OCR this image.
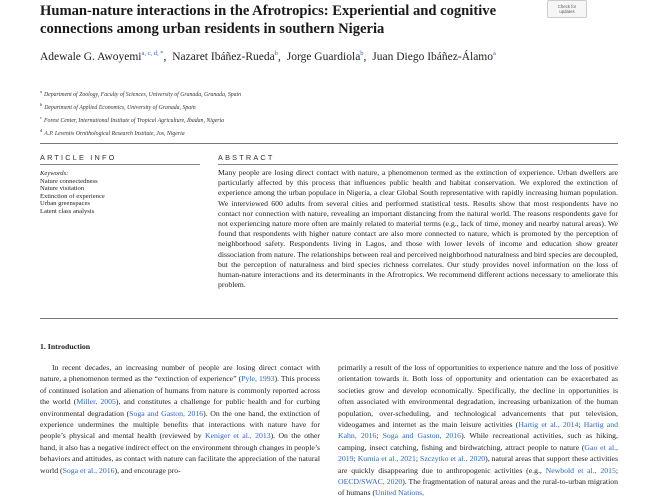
Human-nature interactions in the Afrotropics: Experiential and cognitive connections among urban residents in southern Nigeria
Check for
updates
Adewale G. Awoyemi$^{a, c, d, *}$, Nazaret Ibáñez-Rueda$^b$, Jorge Guardiola$^b$, Juan Diego Ibáñez-Álamo$^a$
$^a$Department of Zoology, Faculty of Sciences, University of Granada, Granada, Spain
$^b$Department of Applied Economics, University of Granada, Spain
$^c$Forest Center, International Institute of Tropical Agriculture, Ibadan, Nigeria
$^d$A.P. Leventis Ornithological Research Institute, Jos, Nigeria
ARTICLE INFO	ABSTRACT
Keywords:
Nature connectedness
Nature visitation
Extinction of experience
Urban greenspaces
Latent class analysis
Many people are losing direct contact with nature, a phenomenon termed as the extinction of experience. Urban dwellers are particularly affected by this process that influences public health and habitat conservation. We explored the extinction of experience among the urban populace in Nigeria, a clear Global South representative with rapidly increasing human population. We interviewed 600 adults from several cities and performed statistical tests. Results show that most respondents have no contact nor connection with nature, revealing an important distancing from the natural world. The reasons respondents gave for not experiencing nature more often are mainly related to material terms (e.g., lack of time, money and nearby natural areas). We found that respondents with higher nature contact are also more connected to nature, which is promoted by the perception of neighborhood safety. Respondents living in Lagos, and those with lower levels of income and education show greater dissociation from nature. The relationships between real and perceived neighborhood naturalness and bird species are decoupled, but the perception of naturalness and bird species richness correlates. Our study provides novel information on the loss of human-nature interactions and its determinants in the Afrotropics. We recommend different actions necessary to ameliorate this problem.
1. Introduction
In recent decades, an increasing number of people are losing direct contact with nature, a phenomenon termed as the “extinction of experience” (Pyle, 1993). This process of continued isolation and alienation of humans from nature is commonly reported across the world (Miller, 2005), and constitutes a challenge for public health and for curbing environmental degradation (Soga and Gaston, 2016). On the one hand, the extinction of experience undermines the multiple benefits that interactions with nature have for people’s physical and mental health (reviewed by Keniger et al., 2013). On the other hand, it also has a negative indirect effect on the environment through changes in people’s behaviors and attitudes, as contact with nature can facilitate the appreciation of the natural world (Soga et al., 2016), and encourage pro-
primarily a result of the loss of opportunities to experience nature and the loss of positive orientation towards it. Both loss of opportunity and orientation can be exacerbated as societies grow and develop economically. Specifically, the decline in opportunities is often associated with environmental degradation, increasing urbanization of the human population, over-scheduling, and technological advancements that put television, videogames and internet as the main leisure activities (Hartig et al., 2014; Hartig and Kahn, 2016; Soga and Gaston, 2016). While recreational activities, such as hiking, camping, insect catching, fishing and birdwatching, attract people to nature (Gao et al., 2019; Kurnia et al., 2021; Szczytko et al., 2020), natural areas that support these activities are quickly disappearing due to anthropogenic activities (e.g., Newbold et al., 2015; OECD/SWAC, 2020). The fragmentation of natural areas and the rural-to-urban migration of humans (United Nations,
